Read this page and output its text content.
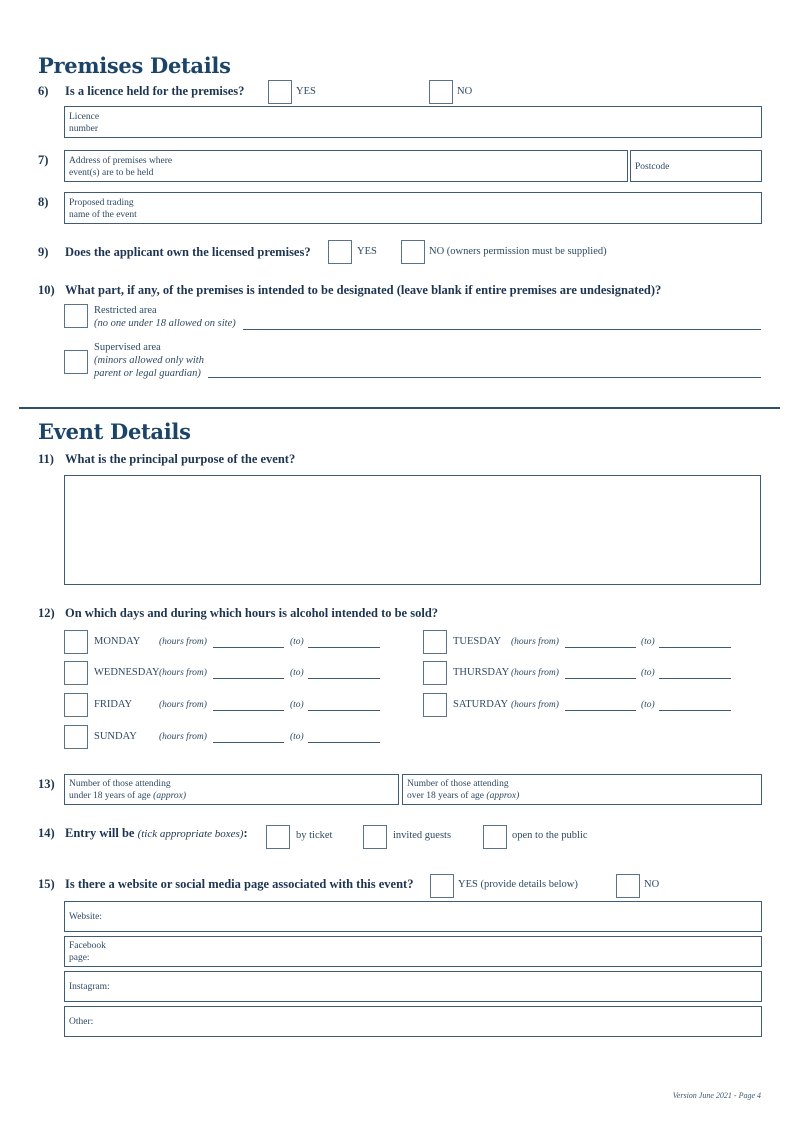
Premises Details
6) Is a licence held for the premises?	YES	NO
Licence
number
7) Address of premises where
event(s) are to be held
Postcode
8) Proposed trading
name of the event
9) Does the applicant own the licensed premises?	YES	NO (owners permission must be supplied)
10) What part, if any, of the premises is intended to be designated (leave blank if entire premises are undesignated)?
Restricted area
(no one under 18 allowed on site)
Supervised area
(minors allowed only with
parent or legal guardian)
Event Details
11) What is the principal purpose of the event?
12) On which days and during which hours is alcohol intended to be sold?
MONDAY (hours from)	(to)	TUESDAY (hours from)	(to)
WEDNESDAY (hours from)	(to)	THURSDAY (hours from)	(to)
FRIDAY	(hours from)	(to)	SATURDAY (hours from)	(to)
SUNDAY (hours from)	(to)
13) Number of those attending
under 18 years of age (approx)
Number of those attending
over 18 years of age (approx)
14) Entry will be (tick appropriate boxes):	by ticket	invited guests	open to the public
15) Is there a website or social media page associated with this event?	YES (provide details below)	NO
Website:
Facebook
page:
Instagram:
Other:
Version June 2021 - Page 4
